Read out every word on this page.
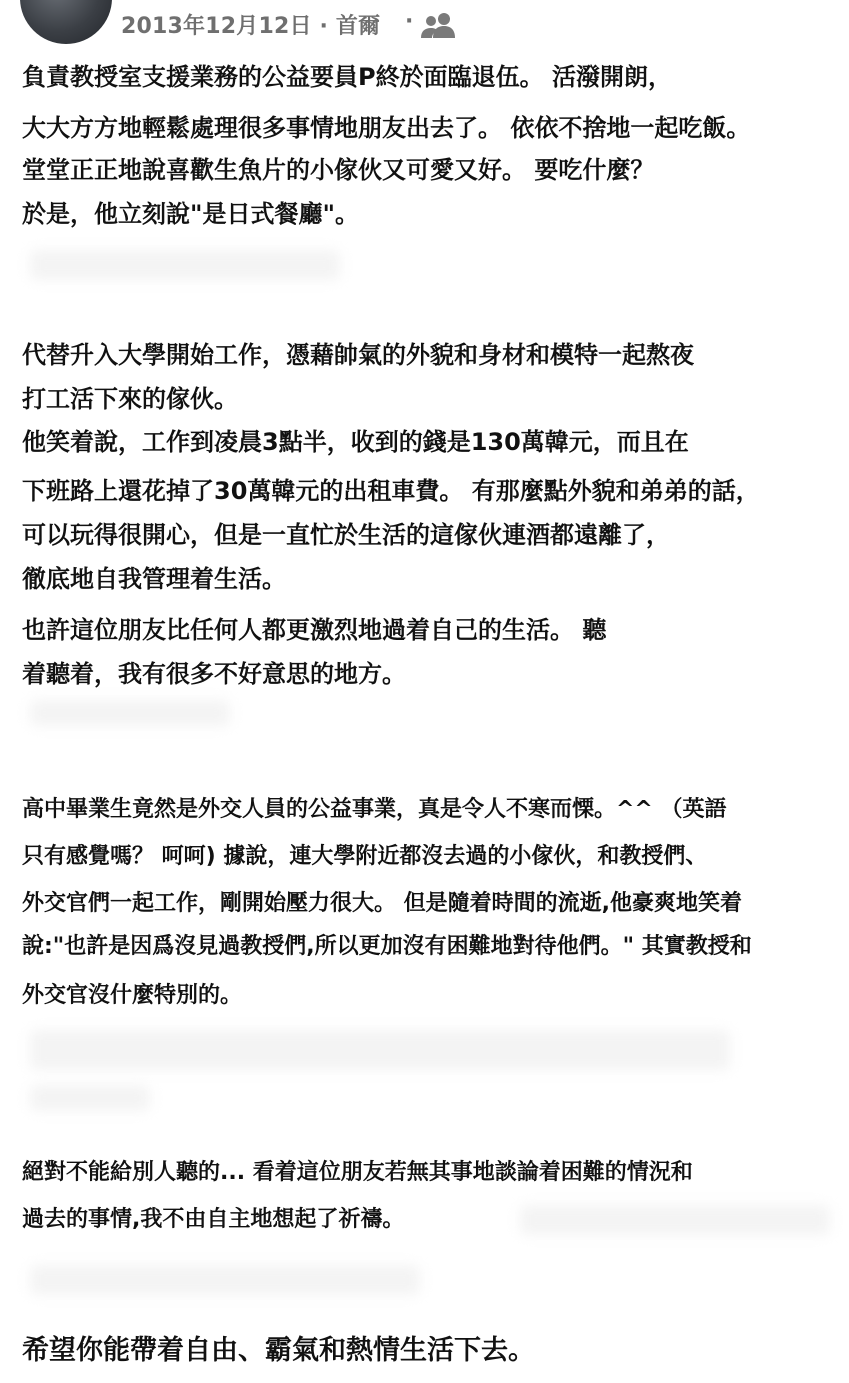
2013年12月12日 · 首爾 ·
負責教授室支援業務的公益要員P終於面臨退伍。 活潑開朗，
大大方方地輕鬆處理很多事情地朋友出去了。 依依不捨地一起吃飯。
堂堂正正地說喜歡生魚片的小傢伙又可愛又好。 要吃什麼？
於是，他立刻說"是日式餐廳"。
代替升入大學開始工作，憑藉帥氣的外貌和身材和模特一起熬夜
打工活下來的傢伙。
他笑着說，工作到凌晨3點半，收到的錢是130萬韓元，而且在
下班路上還花掉了30萬韓元的出租車費。 有那麼點外貌和弟弟的話，
可以玩得很開心，但是一直忙於生活的這傢伙連酒都遠離了，
徹底地自我管理着生活。
也許這位朋友比任何人都更激烈地過着自己的生活。 聽
着聽着，我有很多不好意思的地方。
高中畢業生竟然是外交人員的公益事業，真是令人不寒而慄。^^ （英語
只有感覺嗎？ 呵呵) 據說，連大學附近都沒去過的小傢伙，和教授們、
外交官們一起工作，剛開始壓力很大。 但是隨着時間的流逝,他豪爽地笑着
說:"也許是因爲沒見過教授們,所以更加沒有困難地對待他們。" 其實教授和
外交官沒什麼特別的。
絕對不能給別人聽的... 看着這位朋友若無其事地談論着困難的情況和
過去的事情,我不由自主地想起了祈禱。
希望你能帶着自由、霸氣和熱情生活下去。
